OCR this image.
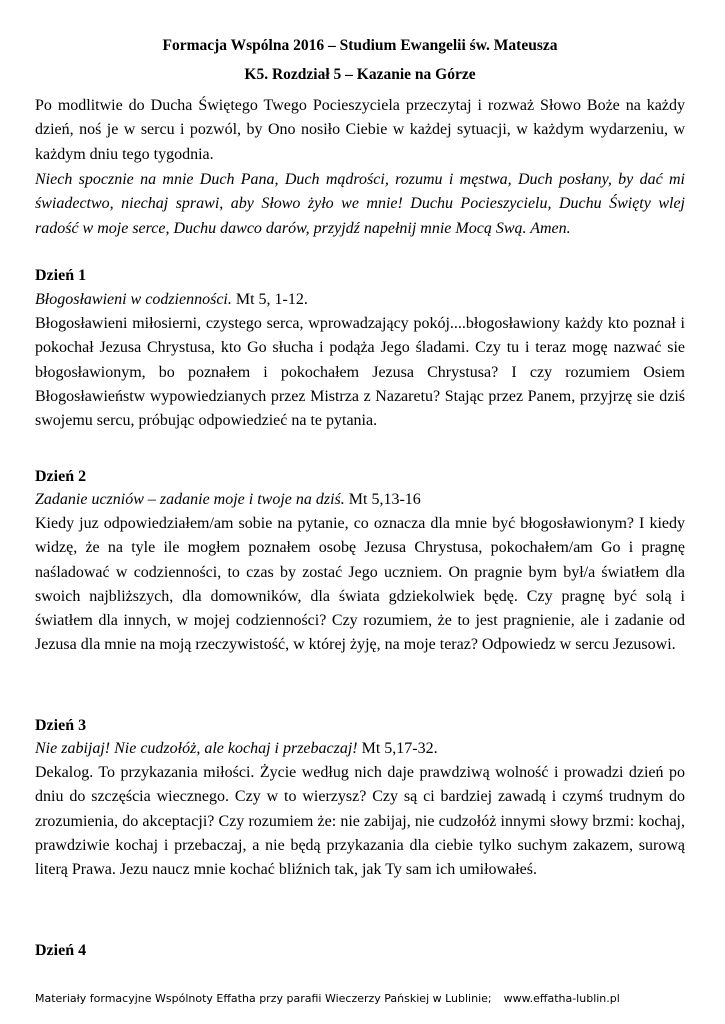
Formacja Wspólna 2016 – Studium Ewangelii św. Mateusza
K5. Rozdział 5 – Kazanie na Górze

Po modlitwie do Ducha Świętego Twego Pocieszyciela przeczytaj i rozważ Słowo Boże na każdy dzień, noś je w sercu i pozwól, by Ono nosiło Ciebie w każdej sytuacji, w każdym wydarzeniu, w każdym dniu tego tygodnia.

Niech spocznie na mnie Duch Pana, Duch mądrości, rozumu i męstwa, Duch posłany, by dać mi świadectwo, niechaj sprawi, aby Słowo żyło we mnie! Duchu Pocieszycielu, Duchu Święty wlej radość w moje serce, Duchu dawco darów, przyjdź napełnij mnie Mocą Swą. Amen.

Dzień 1

Błogosławieni w codzienności. Mt 5, 1-12.

Błogosławieni miłosierni, czystego serca, wprowadzający pokój....błogosławiony każdy kto poznał i pokochał Jezusa Chrystusa, kto Go słucha i podąża Jego śladami. Czy tu i teraz mogę nazwać sie błogosławionym, bo poznałem i pokochałem Jezusa Chrystusa? I czy rozumiem Osiem Błogosławieństw wypowiedzianych przez Mistrza z Nazaretu? Stając przez Panem, przyjrzę sie dziś swojemu sercu, próbując odpowiedzieć na te pytania.

Dzień 2

Zadanie uczniów – zadanie moje i twoje na dziś. Mt 5,13-16

Kiedy juz odpowiedziałem/am sobie na pytanie, co oznacza dla mnie być błogosławionym? I kiedy widzę, że na tyle ile mogłem poznałem osobę Jezusa Chrystusa, pokochałem/am Go i pragnę naśladować w codzienności, to czas by zostać Jego uczniem. On pragnie bym był/a światłem dla swoich najbliższych, dla domowników, dla świata gdziekolwiek będę. Czy pragnę być solą i światłem dla innych, w mojej codzienności? Czy rozumiem, że to jest pragnienie, ale i zadanie od Jezusa dla mnie na moją rzeczywistość, w której żyję, na moje teraz? Odpowiedz w sercu Jezusowi.

Dzień 3

Nie zabijaj! Nie cudzołóż, ale kochaj i przebaczaj! Mt 5,17-32.

Dekalog. To przykazania miłości. Życie według nich daje prawdziwą wolność i prowadzi dzień po dniu do szczęścia wiecznego. Czy w to wierzysz? Czy są ci bardziej zawadą i czymś trudnym do zrozumienia, do akceptacji? Czy rozumiem że: nie zabijaj, nie cudzołóż innymi słowy brzmi: kochaj, prawdziwie kochaj i przebaczaj, a nie będą przykazania dla ciebie tylko suchym zakazem, surową literą Prawa. Jezu naucz mnie kochać bliźnich tak, jak Ty sam ich umiłowałeś.

Dzień 4

Materiały formacyjne Wspólnoty Effatha przy parafii Wieczerzy Pańskiej w Lublinie; www.effatha-lublin.pl
